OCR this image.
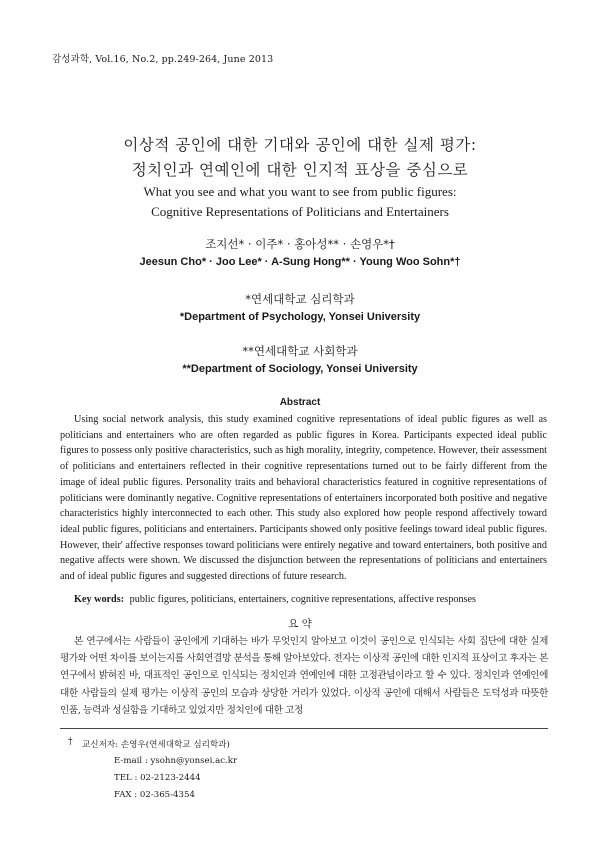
감성과학, Vol.16, No.2, pp.249-264, June 2013
이상적 공인에 대한 기대와 공인에 대한 실제 평가:
정치인과 연예인에 대한 인지적 표상을 중심으로
What you see and what you want to see from public figures:
Cognitive Representations of Politicians and Entertainers
조지선* · 이주* · 홍아성** · 손영우*†
Jeesun Cho* · Joo Lee* · A-Sung Hong** · Young Woo Sohn*†
*연세대학교 심리학과
*Department of Psychology, Yonsei University
**연세대학교 사회학과
**Department of Sociology, Yonsei University
Abstract
Using social network analysis, this study examined cognitive representations of ideal public figures as well as politicians and entertainers who are often regarded as public figures in Korea. Participants expected ideal public figures to possess only positive characteristics, such as high morality, integrity, competence. However, their assessment of politicians and entertainers reflected in their cognitive representations turned out to be fairly different from the image of ideal public figures. Personality traits and behavioral characteristics featured in cognitive representations of politicians were dominantly negative. Cognitive representations of entertainers incorporated both positive and negative characteristics highly interconnected to each other. This study also explored how people respond affectively toward ideal public figures, politicians and entertainers. Participants showed only positive feelings toward ideal public figures. However, their' affective responses toward politicians were entirely negative and toward entertainers, both positive and negative affects were shown. We discussed the disjunction between the representations of politicians and entertainers and of ideal public figures and suggested directions of future research.
Key words: public figures, politicians, entertainers, cognitive representations, affective responses
요 약
본 연구에서는 사람들이 공인에게 기대하는 바가 무엇인지 알아보고 이것이 공인으로 인식되는 사회 집단에 대한 실제 평가와 어떤 차이를 보이는지를 사회연결망 분석을 통해 알아보았다. 전자는 이상적 공인에 대한 인지적 표상이고 후자는 본 연구에서 밝혀진 바, 대표적인 공인으로 인식되는 정치인과 연예인에 대한 고정관념이라고 할 수 있다. 정치인과 연예인에 대한 사람들의 실제 평가는 이상적 공인의 모습과 상당한 거리가 있었다. 이상적 공인에 대해서 사람들은 도덕성과 따뜻한 인품, 능력과 성실함을 기대하고 있었지만 정치인에 대한 고정
† 교신저자: 손영우(연세대학교 심리학과)
E-mail : ysohn@yonsei.ac.kr
TEL : 02-2123-2444
FAX : 02-365-4354
